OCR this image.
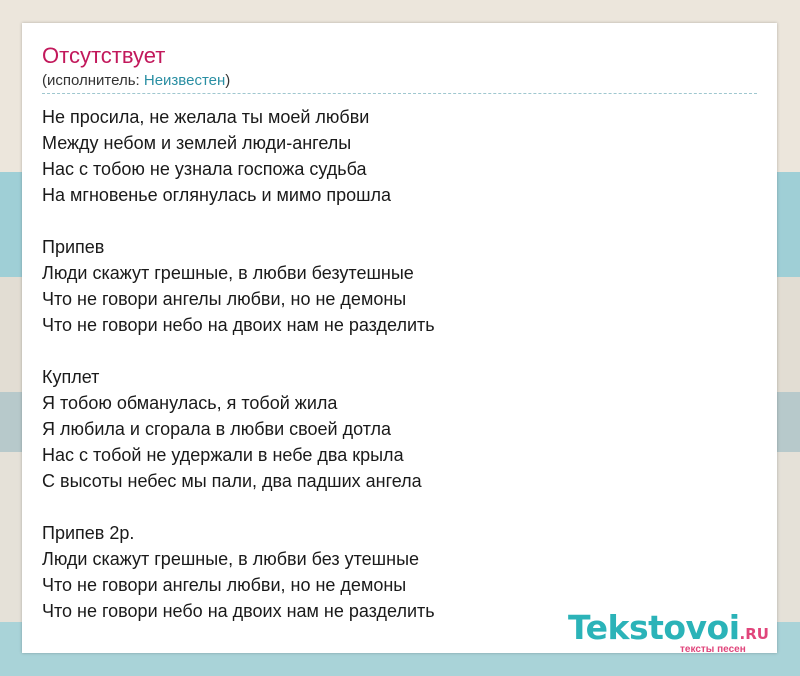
Отсутствует
(исполнитель: Неизвестен)
Не просила, не желала ты моей любви
Между небом и землей люди-ангелы
Нас с тобою не узнала госпожа судьба
На мгновенье оглянулась и мимо прошла
Припев
Люди скажут грешные, в любви безутешные
Что не говори ангелы любви, но не демоны
Что не говори небо на двоих нам не разделить
Куплет
Я тобою обманулась, я тобой жила
Я любила и сгорала в любви своей дотла
Нас с тобой не удержали в небе два крыла
С высоты небес мы пали, два падших ангела
Припев 2р.
Люди скажут грешные, в любви без утешные
Что не говори ангелы любви, но не демоны
Что не говори небо на двоих нам не разделить	Tekstovoi.RU
тексты песен
